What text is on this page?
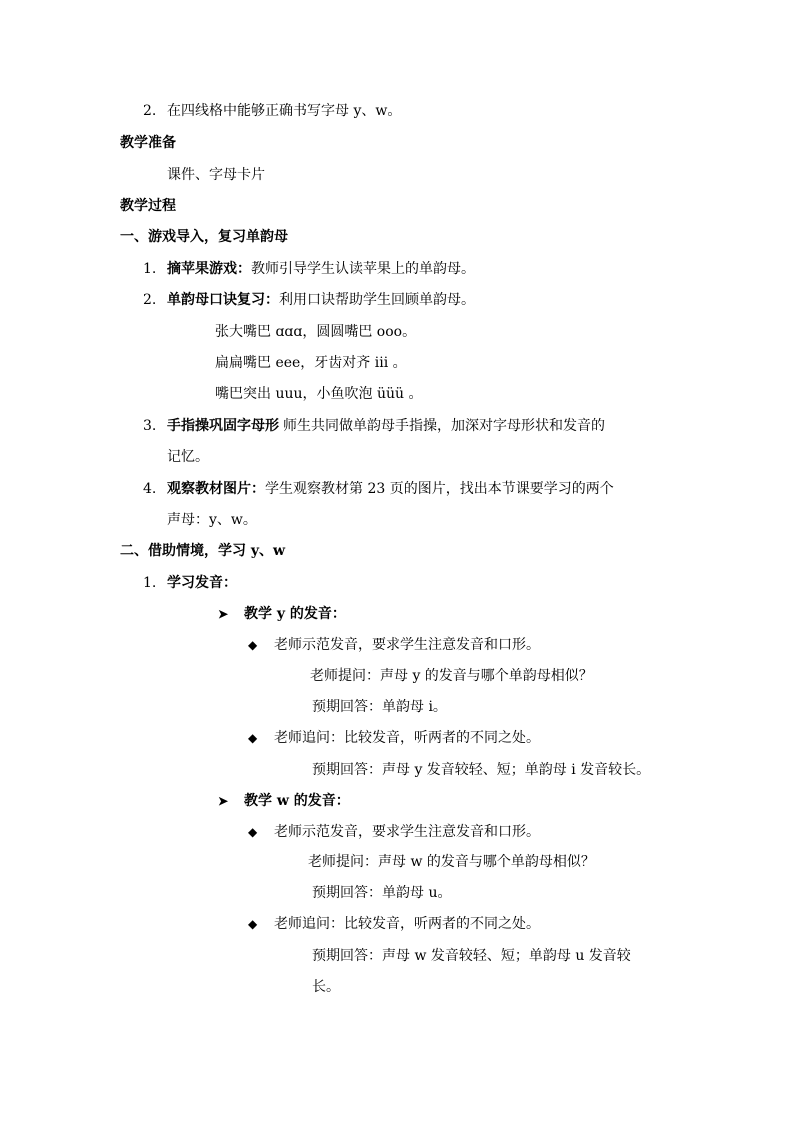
2. 在四线格中能够正确书写字母 y、w。
教学准备
课件、字母卡片
教学过程
一、游戏导入，复习单韵母
1. 摘苹果游戏：教师引导学生认读苹果上的单韵母。
2. 单韵母口诀复习：利用口诀帮助学生回顾单韵母。
张大嘴巴 ɑɑɑ，圆圆嘴巴 ooo。
扁扁嘴巴 eee，牙齿对齐 iii 。
嘴巴突出 uuu，小鱼吹泡 üüü 。
3. 手指操巩固字母形 师生共同做单韵母手指操，加深对字母形状和发音的
记忆。
4. 观察教材图片：学生观察教材第 23 页的图片，找出本节课要学习的两个
声母：y、w。
二、借助情境，学习 y、w
1. 学习发音：
➤ 教学 y 的发音：
◆ 老师示范发音，要求学生注意发音和口形。
老师提问：声母 y 的发音与哪个单韵母相似？
预期回答：单韵母 i。
◆ 老师追问：比较发音，听两者的不同之处。
预期回答：声母 y 发音较轻、短；单韵母 i 发音较长。
➤ 教学 w 的发音：
◆ 老师示范发音，要求学生注意发音和口形。
老师提问：声母 w 的发音与哪个单韵母相似？
预期回答：单韵母 u。
◆ 老师追问：比较发音，听两者的不同之处。
预期回答：声母 w 发音较轻、短；单韵母 u 发音较
长。
